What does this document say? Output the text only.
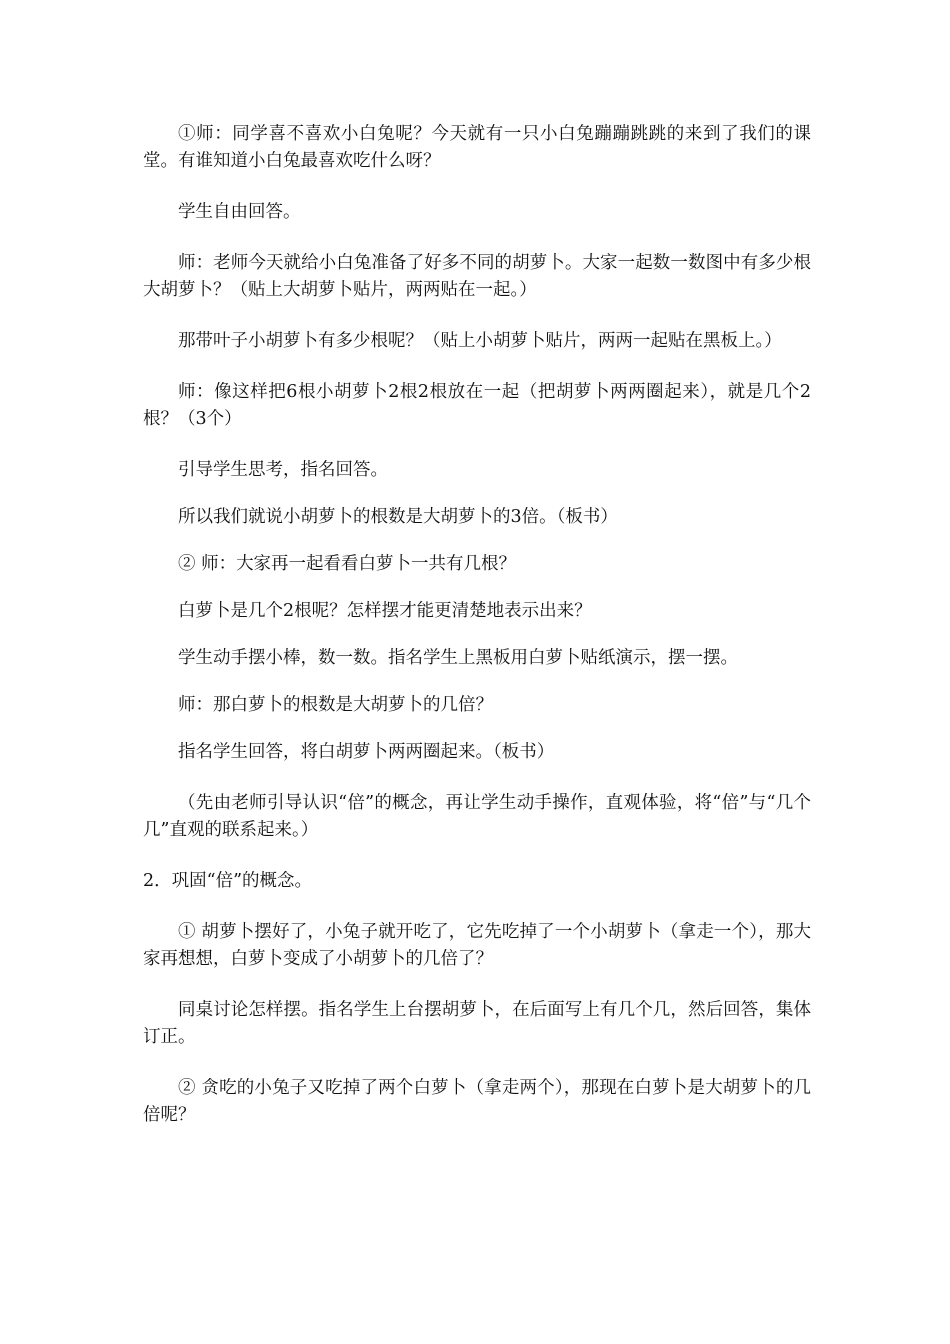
①师：同学喜不喜欢小白兔呢？今天就有一只小白兔蹦蹦跳跳的来到了我们的课堂。有谁知道小白兔最喜欢吃什么呀？

学生自由回答。

师：老师今天就给小白兔准备了好多不同的胡萝卜。大家一起数一数图中有多少根大胡萝卜？（贴上大胡萝卜贴片，两两贴在一起。）

那带叶子小胡萝卜有多少根呢？（贴上小胡萝卜贴片，两两一起贴在黑板上。）

师：像这样把6根小胡萝卜2根2根放在一起（把胡萝卜两两圈起来），就是几个2根？（3个）

引导学生思考，指名回答。

所以我们就说小胡萝卜的根数是大胡萝卜的3倍。（板书）

② 师：大家再一起看看白萝卜一共有几根？

白萝卜是几个2根呢？怎样摆才能更清楚地表示出来？

学生动手摆小棒，数一数。指名学生上黑板用白萝卜贴纸演示，摆一摆。

师：那白萝卜的根数是大胡萝卜的几倍？

指名学生回答，将白胡萝卜两两圈起来。（板书）

（先由老师引导认识“倍”的概念，再让学生动手操作，直观体验，将“倍”与“几个几”直观的联系起来。）

2．巩固“倍”的概念。

① 胡萝卜摆好了，小兔子就开吃了，它先吃掉了一个小胡萝卜（拿走一个），那大家再想想，白萝卜变成了小胡萝卜的几倍了？

同桌讨论怎样摆。指名学生上台摆胡萝卜，在后面写上有几个几，然后回答，集体订正。

② 贪吃的小兔子又吃掉了两个白萝卜（拿走两个），那现在白萝卜是大胡萝卜的几倍呢？
